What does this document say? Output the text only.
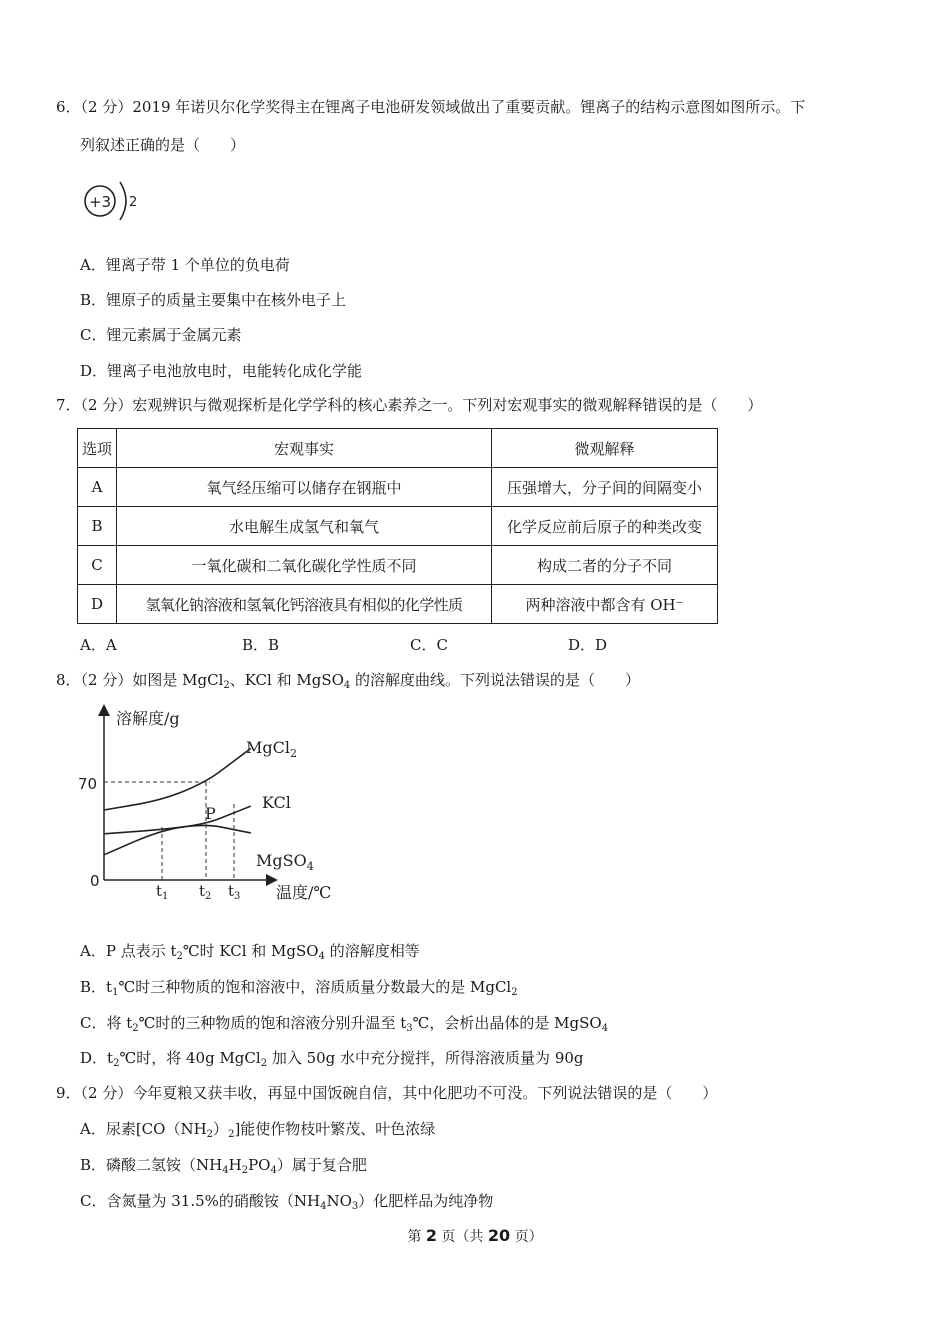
6．（2 分）2019 年诺贝尔化学奖得主在锂离子电池研发领域做出了重要贡献。锂离子的结构示意图如图所示。下
列叙述正确的是（　　）
+3 2
A．锂离子带 1 个单位的负电荷
B．锂原子的质量主要集中在核外电子上
C．锂元素属于金属元素
D．锂离子电池放电时，电能转化成化学能
7．（2 分）宏观辨识与微观探析是化学学科的核心素养之一。下列对宏观事实的微观解释错误的是（　　）
选项	宏观事实	微观解释
A	氧气经压缩可以储存在钢瓶中	压强增大，分子间的间隔变小
B	水电解生成氢气和氧气	化学反应前后原子的种类改变
C	一氧化碳和二氧化碳化学性质不同	构成二者的分子不同
D	氢氧化钠溶液和氢氧化钙溶液具有相似的化学性质	两种溶液中都含有 OH⁻
A．A	B．B	C．C	D．D
8．（2 分）如图是 MgCl$_2$、KCl 和 MgSO$_4$ 的溶解度曲线。下列说法错误的是（　　）
溶解度/g
温度/℃
70
0
MgCl$_2$
KCl
MgSO$_4$
P
$t_1$ $t_2$ $t_3$
A．P 点表示 $t_2℃$时 KCl 和 MgSO$_4$ 的溶解度相等
B．$t_1℃$时三种物质的饱和溶液中，溶质质量分数最大的是 MgCl$_2$
C．将 $t_2℃$时的三种物质的饱和溶液分别升温至 $t_3℃$，会析出晶体的是 MgSO$_4$
D．$t_2℃$时，将 40g MgCl$_2$ 加入 50g 水中充分搅拌，所得溶液质量为 90g
9．（2 分）今年夏粮又获丰收，再显中国饭碗自信，其中化肥功不可没。下列说法错误的是（　　）
A．尿素$[CO(NH_2)_2]$能使作物枝叶繁茂、叶色浓绿
B．磷酸二氢铵$(NH_4H_2PO_4)$属于复合肥
C．含氮量为 31.5%的硝酸铵$(NH_4NO_3)$化肥样品为纯净物
第 2 页（共 20 页）
